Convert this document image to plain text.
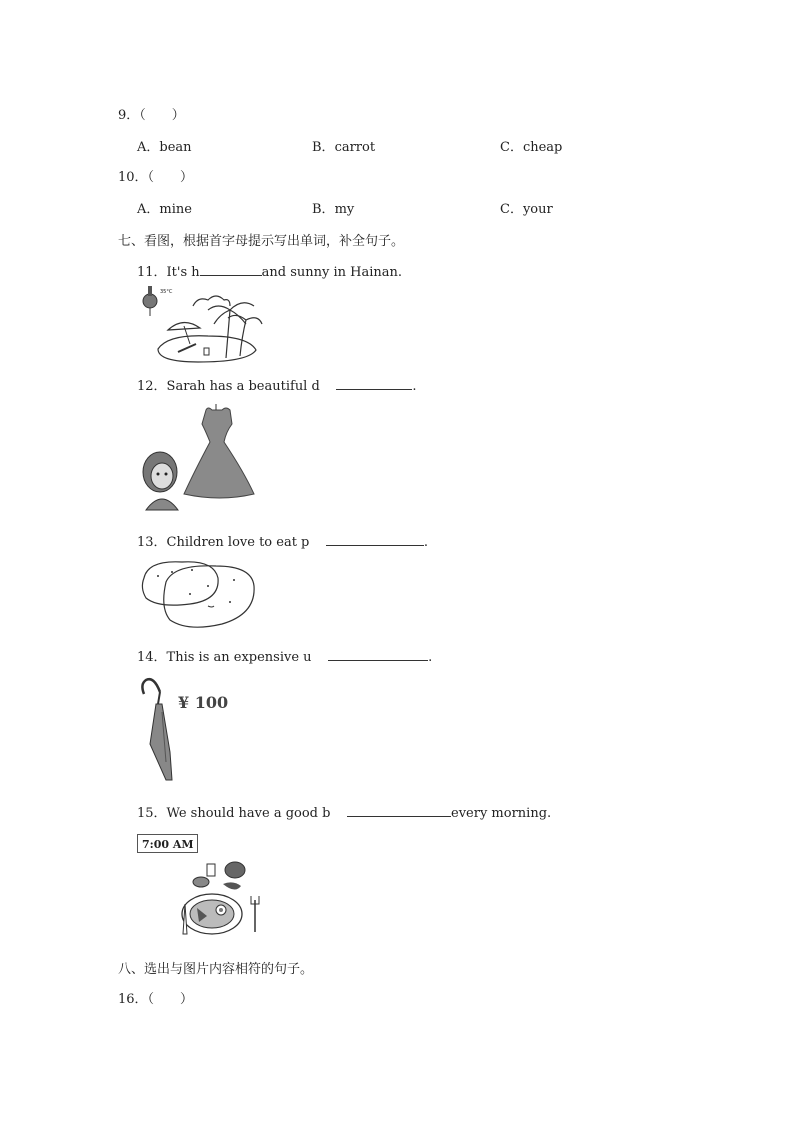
9．（　　）
A．bean	B．carrot	C．cheap
10．（　　）
A．mine	B．my	C．your
七、看图，根据首字母提示写出单词，补全句子。
11．It's h	and sunny in Hainan.
35°C
12．Sarah has a beautiful d	.
13．Children love to eat p	.
14．This is an expensive u	.
¥ 100
15．We should have a good b	every morning.
7:00 AM
八、选出与图片内容相符的句子。
16．（　　）
